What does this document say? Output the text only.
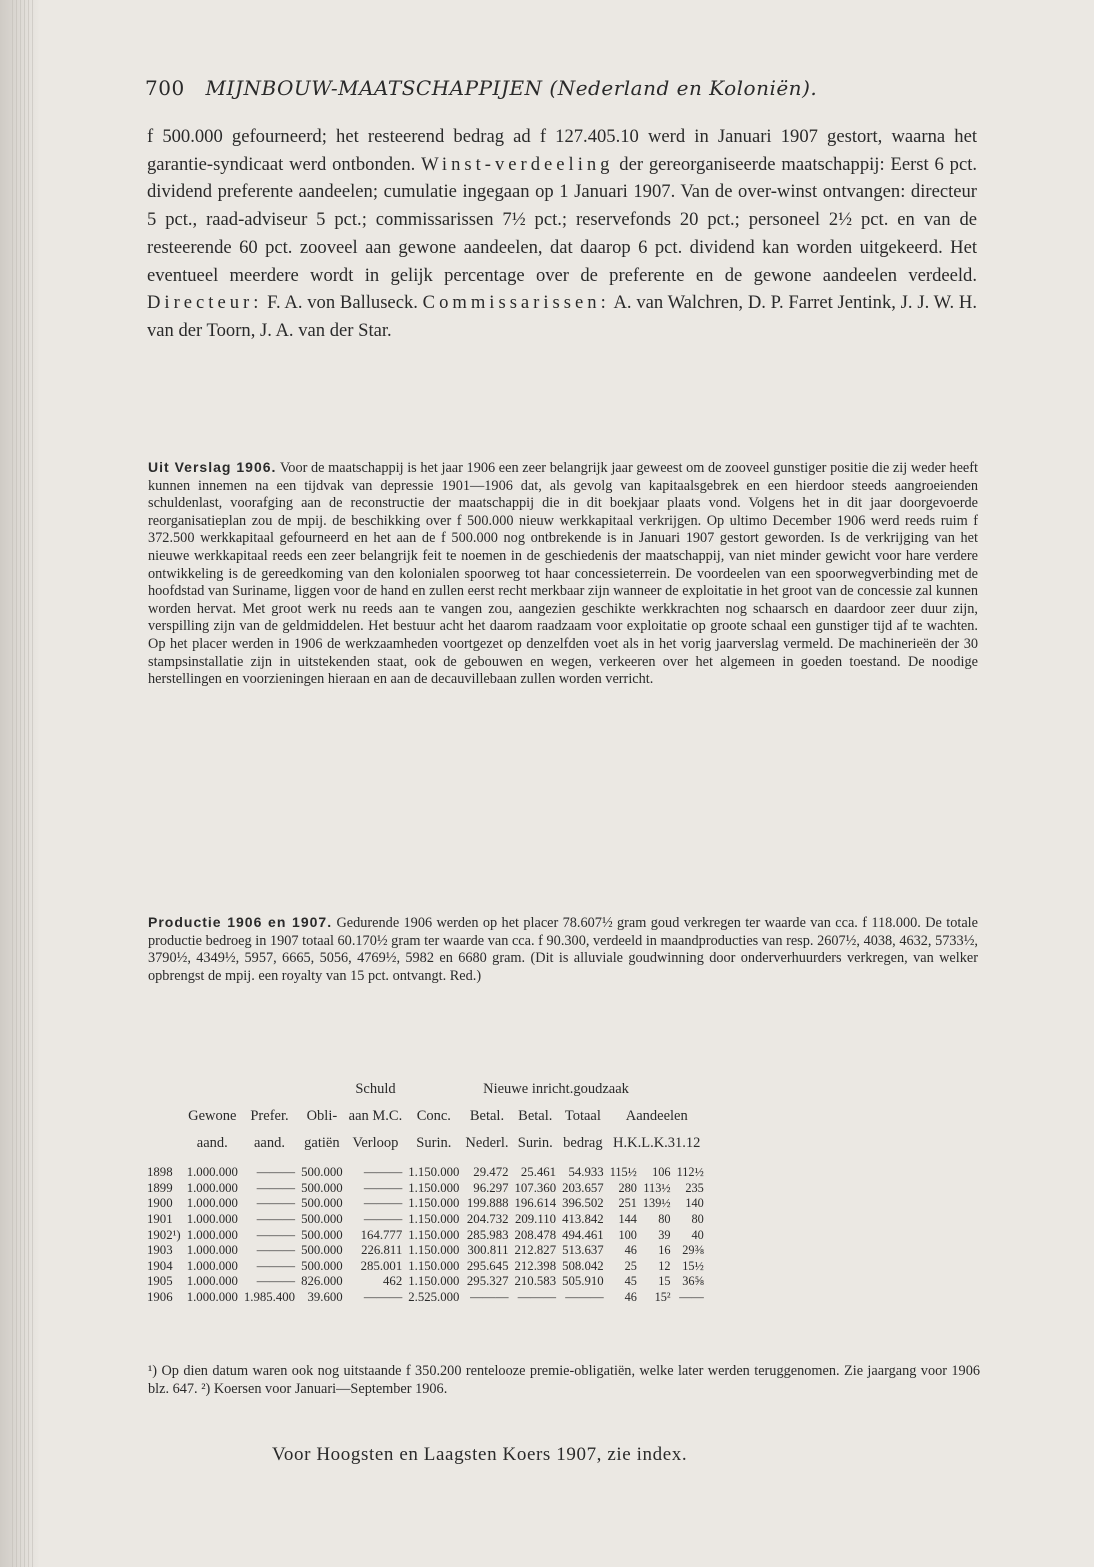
700 MIJNBOUW-MAATSCHAPPIJEN (Nederland en Koloniën).
f 500.000 gefourneerd; het resteerend bedrag ad f 127.405.10 werd in Januari 1907 gestort, waarna het garantie-syndicaat werd ontbonden. Winst-verdeeling der gereorganiseerde maatschappij: Eerst 6 pct. dividend preferente aandeelen; cumulatie ingegaan op 1 Januari 1907. Van de over-winst ontvangen: directeur 5 pct., raad-adviseur 5 pct.; commissarissen 7½ pct.; reservefonds 20 pct.; personeel 2½ pct. en van de resteerende 60 pct. zooveel aan gewone aandeelen, dat daarop 6 pct. dividend kan worden uitgekeerd. Het eventueel meerdere wordt in gelijk percentage over de preferente en de gewone aandeelen verdeeld. Directeur: F. A. von Balluseck. Commissarissen: A. van Walchren, D. P. Farret Jentink, J. J. W. H. van der Toorn, J. A. van der Star.
Uit Verslag 1906. Voor de maatschappij is het jaar 1906 een zeer belangrijk jaar geweest om de zooveel gunstiger positie die zij weder heeft kunnen innemen na een tijdvak van depressie 1901—1906 dat, als gevolg van kapitaalsgebrek en een hierdoor steeds aangroeienden schuldenlast, voorafging aan de reconstructie der maatschappij die in dit boekjaar plaats vond. Volgens het in dit jaar doorgevoerde reorganisatieplan zou de mpij. de beschikking over f 500.000 nieuw werkkapitaal verkrijgen. Op ultimo December 1906 werd reeds ruim f 372.500 werkkapitaal gefourneerd en het aan de f 500.000 nog ontbrekende is in Januari 1907 gestort geworden. Is de verkrijging van het nieuwe werkkapitaal reeds een zeer belangrijk feit te noemen in de geschiedenis der maatschappij, van niet minder gewicht voor hare verdere ontwikkeling is de gereedkoming van den kolonialen spoorweg tot haar concessieterrein. De voordeelen van een spoorwegverbinding met de hoofdstad van Suriname, liggen voor de hand en zullen eerst recht merkbaar zijn wanneer de exploitatie in het groot van de concessie zal kunnen worden hervat. Met groot werk nu reeds aan te vangen zou, aangezien geschikte werkkrachten nog schaarsch en daardoor zeer duur zijn, verspilling zijn van de geldmiddelen. Het bestuur acht het daarom raadzaam voor exploitatie op groote schaal een gunstiger tijd af te wachten. Op het placer werden in 1906 de werkzaamheden voortgezet op denzelfden voet als in het vorig jaarverslag vermeld. De machinerieën der 30 stampsinstallatie zijn in uitstekenden staat, ook de gebouwen en wegen, verkeeren over het algemeen in goeden toestand. De noodige herstellingen en voorzieningen hieraan en aan de decauvillebaan zullen worden verricht.
Productie 1906 en 1907. Gedurende 1906 werden op het placer 78.607½ gram goud verkregen ter waarde van cca. f 118.000. De totale productie bedroeg in 1907 totaal 60.170½ gram ter waarde van cca. f 90.300, verdeeld in maandproducties van resp. 2607½, 4038, 4632, 5733½, 3790½, 4349½, 5957, 6665, 5056, 4769½, 5982 en 6680 gram. (Dit is alluviale goudwinning door onderverhuurders verkregen, van welker opbrengst de mpij. een royalty van 15 pct. ontvangt. Red.)
				Schuld	Nieuwe inricht.goudzaak						
	Gewone	Prefer.	Obli-	aan M.C.	Conc.	Betal.	Betal.	Totaal	Aandeelen		
	aand.	aand.	gatiën	Verloop	Surin.	Nederl.	Surin.	bedrag	H.K.L.K.31.12		
1898	1.000.000	———	500.000	———	1.150.000	29.472	25.461	54.933	115½	106	112½
1899	1.000.000	———	500.000	———	1.150.000	96.297	107.360	203.657	280	113½	235
1900	1.000.000	———	500.000	———	1.150.000	199.888	196.614	396.502	251	139½	140
1901	1.000.000	———	500.000	———	1.150.000	204.732	209.110	413.842	144	80	80
1902¹)	1.000.000	———	500.000	164.777	1.150.000	285.983	208.478	494.461	100	39	40
1903	1.000.000	———	500.000	226.811	1.150.000	300.811	212.827	513.637	46	16	29⅜
1904	1.000.000	———	500.000	285.001	1.150.000	295.645	212.398	508.042	25	12	15½
1905	1.000.000	———	826.000	462	1.150.000	295.327	210.583	505.910	45	15	36⅝
1906	1.000.000	1.985.400	39.600	———	2.525.000	———	———	———	46	15²	——
¹) Op dien datum waren ook nog uitstaande f 350.200 rentelooze premie-obligatiën, welke later werden teruggenomen. Zie jaargang voor 1906 blz. 647. ²) Koersen voor Januari—September 1906.
Voor Hoogsten en Laagsten Koers 1907, zie index.
